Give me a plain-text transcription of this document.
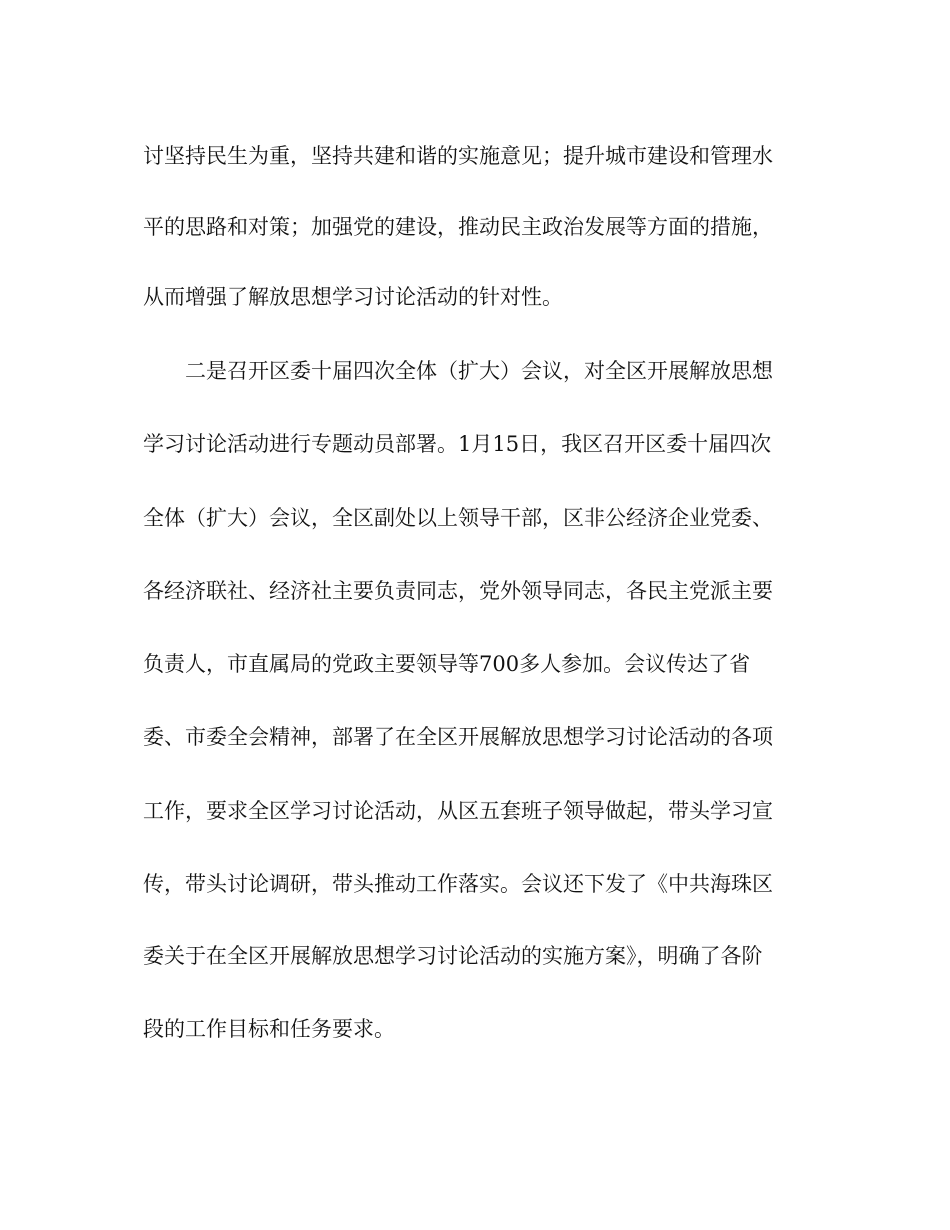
讨坚持民生为重，坚持共建和谐的实施意见；提升城市建设和管理水
平的思路和对策；加强党的建设，推动民主政治发展等方面的措施，
从而增强了解放思想学习讨论活动的针对性。
二是召开区委十届四次全体（扩大）会议，对全区开展解放思想
学习讨论活动进行专题动员部署。1月15日，我区召开区委十届四次
全体（扩大）会议，全区副处以上领导干部，区非公经济企业党委、
各经济联社、经济社主要负责同志，党外领导同志，各民主党派主要
负责人，市直属局的党政主要领导等700多人参加。会议传达了省
委、市委全会精神，部署了在全区开展解放思想学习讨论活动的各项
工作，要求全区学习讨论活动，从区五套班子领导做起，带头学习宣
传，带头讨论调研，带头推动工作落实。会议还下发了《中共海珠区
委关于在全区开展解放思想学习讨论活动的实施方案》，明确了各阶
段的工作目标和任务要求。
